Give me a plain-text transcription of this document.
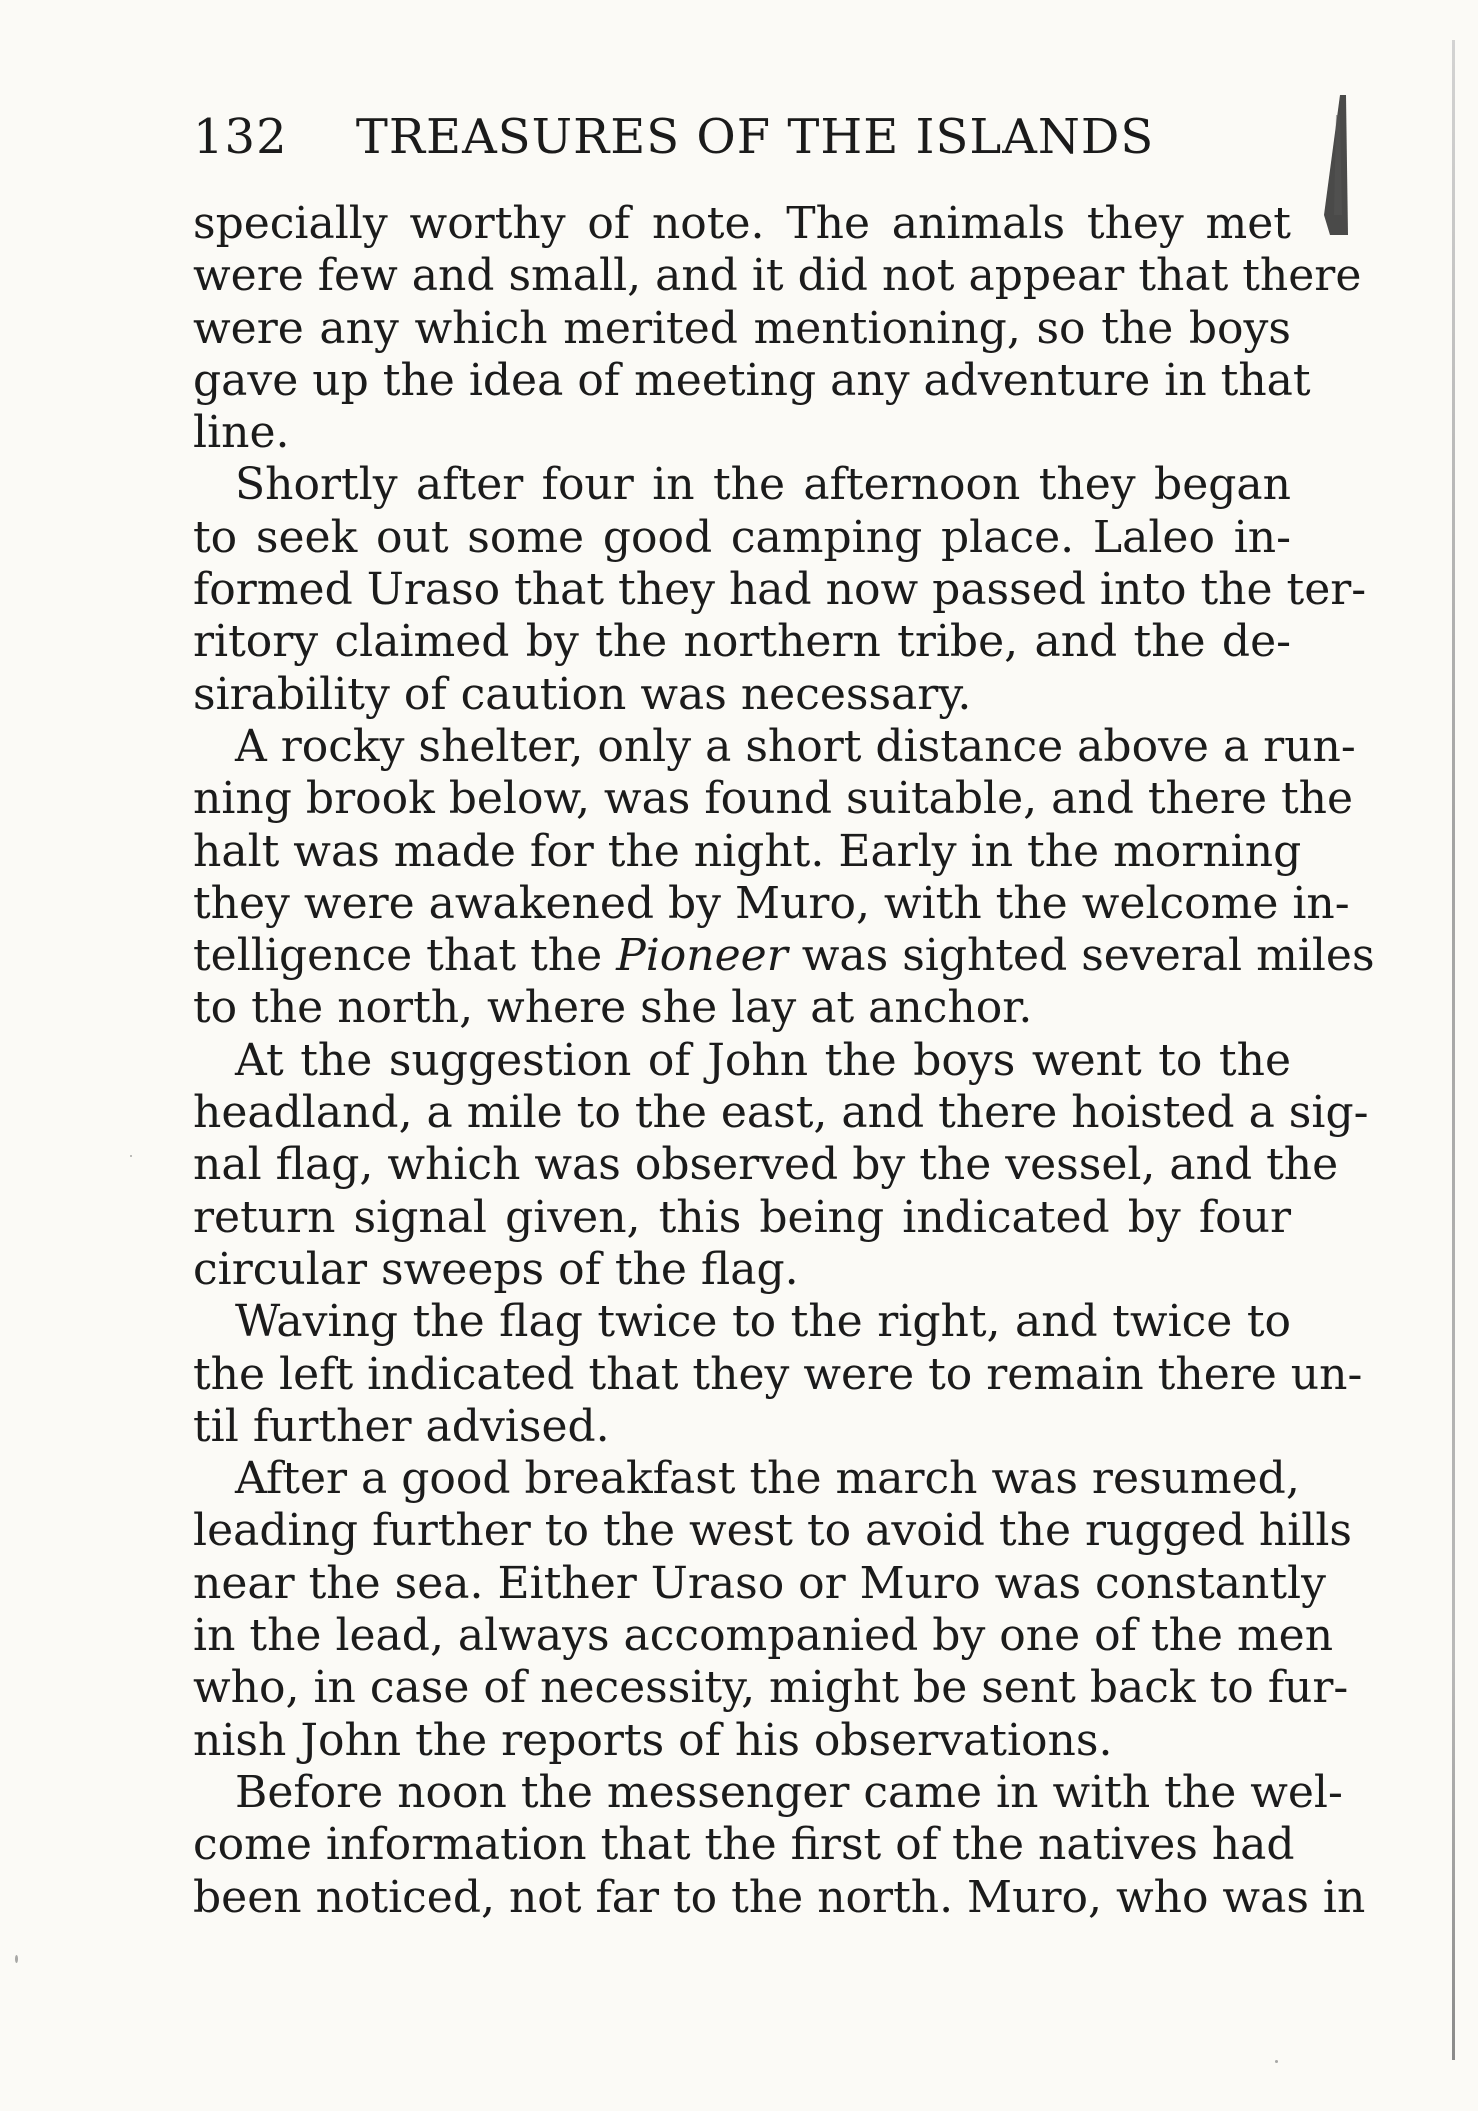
132 TREASURES OF THE ISLANDS
specially worthy of note. The animals they met
were few and small, and it did not appear that there
were any which merited mentioning, so the boys
gave up the idea of meeting any adventure in that
line.
Shortly after four in the afternoon they began
to seek out some good camping place. Laleo in-
formed Uraso that they had now passed into the ter-
ritory claimed by the northern tribe, and the de-
sirability of caution was necessary.
A rocky shelter, only a short distance above a run-
ning brook below, was found suitable, and there the
halt was made for the night. Early in the morning
they were awakened by Muro, with the welcome in-
telligence that the Pioneer was sighted several miles
to the north, where she lay at anchor.
At the suggestion of John the boys went to the
headland, a mile to the east, and there hoisted a sig-
nal flag, which was observed by the vessel, and the
return signal given, this being indicated by four
circular sweeps of the flag.
Waving the flag twice to the right, and twice to
the left indicated that they were to remain there un-
til further advised.
After a good breakfast the march was resumed,
leading further to the west to avoid the rugged hills
near the sea. Either Uraso or Muro was constantly
in the lead, always accompanied by one of the men
who, in case of necessity, might be sent back to fur-
nish John the reports of his observations.
Before noon the messenger came in with the wel-
come information that the first of the natives had
been noticed, not far to the north. Muro, who was in
